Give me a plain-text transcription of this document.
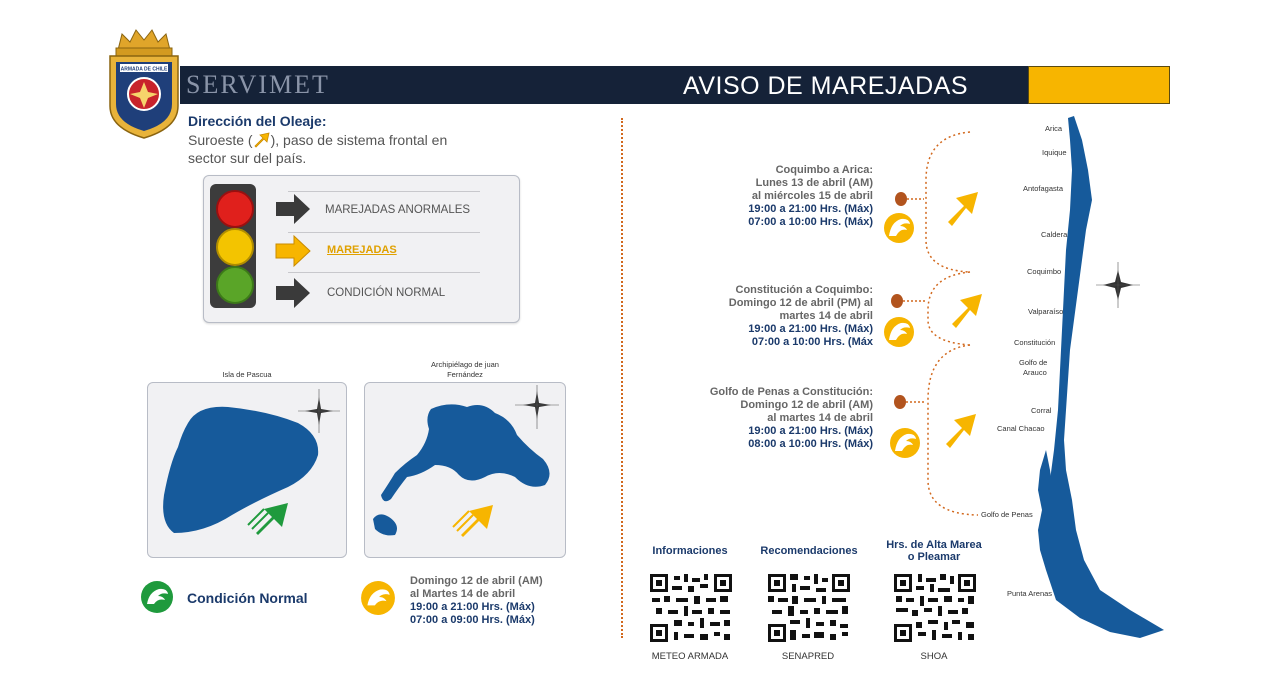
SERVIMET	AVISO DE MAREJADAS
ARMADA DE CHILE
Dirección del Oleaje:
Suroeste ( ), paso de sistema frontal en sector sur del país.
MAREJADAS ANORMALES
MAREJADAS
CONDICIÓN NORMAL
Isla de Pascua
Archipiélago de juan
Fernández
Condición Normal
Domingo 12 de abril (AM)
al Martes 14 de abril
19:00 a 21:00 Hrs. (Máx)
07:00 a 09:00 Hrs. (Máx)
Coquimbo a Arica:
Lunes 13 de abril (AM)
al miércoles 15 de abril
19:00 a 21:00 Hrs. (Máx)
07:00 a 10:00 Hrs. (Máx)
Constitución a Coquimbo:
Domingo 12 de abril (PM) al
martes 14 de abril
19:00 a 21:00 Hrs. (Máx)
07:00 a 10:00 Hrs. (Máx
Golfo de Penas a Constitución:
Domingo 12 de abril (AM)
al martes 14 de abril
19:00 a 21:00 Hrs. (Máx)
08:00 a 10:00 Hrs. (Máx)
Arica
Iquique
Antofagasta
Caldera
Coquimbo
Valparaíso
Constitución
Golfo de
Arauco
Corral
Canal Chacao
Golfo de Penas
Punta Arenas
Informaciones	Recomendaciones	Hrs. de Alta Marea
o Pleamar
METEO ARMADA	SENAPRED	SHOA
